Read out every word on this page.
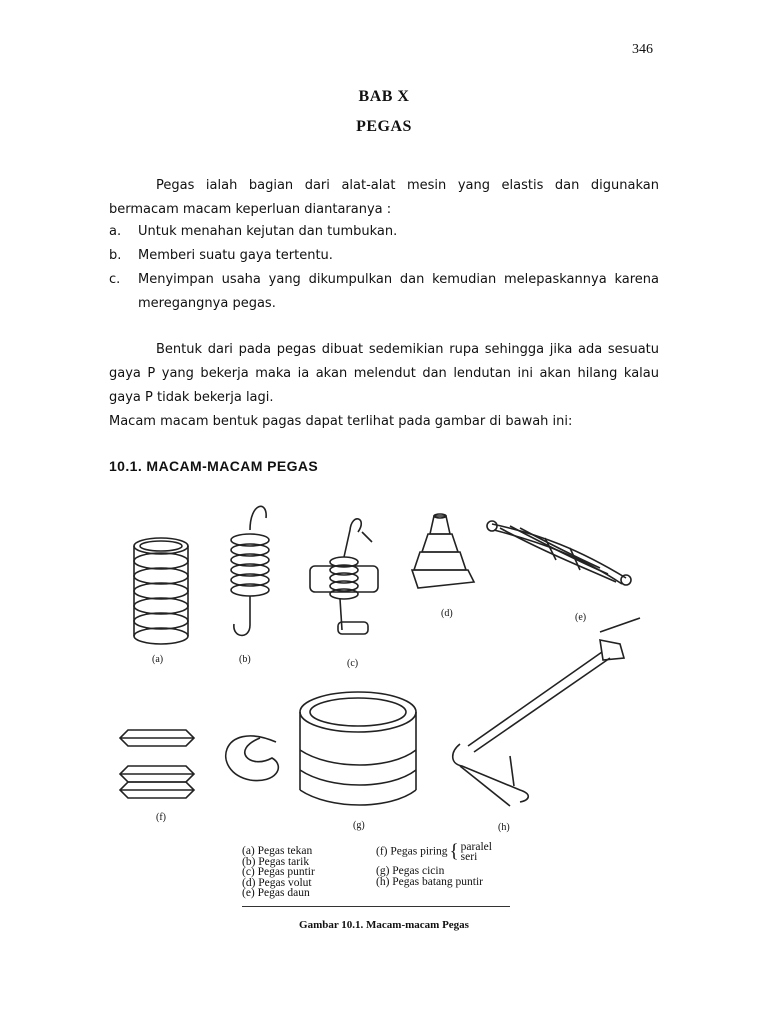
346
BAB X
PEGAS
Pegas ialah bagian dari alat-alat mesin yang elastis dan digunakan bermacam macam keperluan diantaranya :
a. Untuk menahan kejutan dan tumbukan.
b. Memberi suatu gaya tertentu.
c. Menyimpan usaha yang dikumpulkan dan kemudian melepaskannya karena meregangnya pegas.
Bentuk dari pada pegas dibuat sedemikian rupa sehingga jika ada sesuatu gaya P yang bekerja maka ia akan melendut dan lendutan ini akan hilang kalau gaya P tidak bekerja lagi.
Macam macam bentuk pagas dapat terlihat pada gambar di bawah ini:
10.1. MACAM-MACAM PEGAS
(a)	(b)	(c)
(d)	(e)
(f)
(g)	(h)
(a) Pegas tekan
(b) Pegas tarik
(c) Pegas puntir
(d) Pegas volut
(e) Pegas daun
(f) Pegas piring { paralel
seri
(g) Pegas cicin
(h) Pegas batang puntir
Gambar 10.1. Macam-macam Pegas
